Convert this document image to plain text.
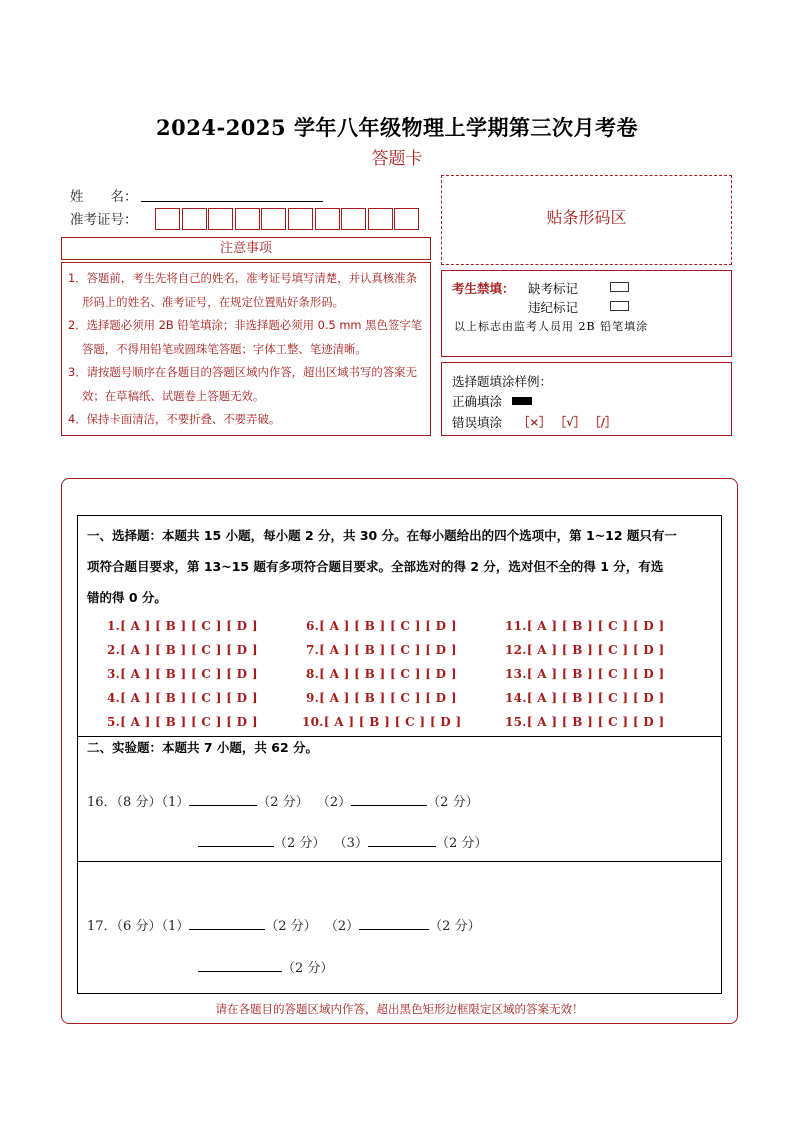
2024-2025 学年八年级物理上学期第三次月考卷
答题卡
姓　　名：
准考证号：
注意事项

1．答题前，考生先将自己的姓名，准考证号填写清楚，并认真核准条形码上的姓名、准考证号，在规定位置贴好条形码。

2．选择题必须用 2B 铅笔填涂；非选择题必须用 0.5 mm 黑色签字笔答题，不得用铅笔或圆珠笔答题；字体工整、笔迹清晰。

3．请按题号顺序在各题目的答题区域内作答，超出区域书写的答案无效；在草稿纸、试题卷上答题无效。

4．保持卡面清洁，不要折叠、不要弄破。

贴条形码区
考生禁填： 缺考标记
违纪标记
以上标志由监考人员用 2B 铅笔填涂
选择题填涂样例：
正确填涂
错误填涂 ［×］ ［√］ ［/］
一、选择题：本题共 15 小题，每小题 2 分，共 30 分。在每小题给出的四个选项中，第 1~12 题只有一
项符合题目要求，第 13~15 题有多项符合题目要求。全部选对的得 2 分，选对但不全的得 1 分，有选
错的得 0 分。
1.[ A ] [ B ] [ C ] [ D ]
2.[ A ] [ B ] [ C ] [ D ]
3.[ A ] [ B ] [ C ] [ D ]
4.[ A ] [ B ] [ C ] [ D ]
5.[ A ] [ B ] [ C ] [ D ]
6.[ A ] [ B ] [ C ] [ D ]
7.[ A ] [ B ] [ C ] [ D ]
8.[ A ] [ B ] [ C ] [ D ]
9.[ A ] [ B ] [ C ] [ D ]
10.[ A ] [ B ] [ C ] [ D ]
11.[ A ] [ B ] [ C ] [ D ]
12.[ A ] [ B ] [ C ] [ D ]
13.[ A ] [ B ] [ C ] [ D ]
14.[ A ] [ B ] [ C ] [ D ]
15.[ A ] [ B ] [ C ] [ D ]
二、实验题：本题共 7 小题，共 62 分。
16．（8 分）（1）	（2 分） （2）	（2 分）
（2 分） （3）	（2 分）
17．（6 分）（1）	（2 分） （2）	（2 分）
（2 分）
请在各题目的答题区域内作答，超出黑色矩形边框限定区域的答案无效！
